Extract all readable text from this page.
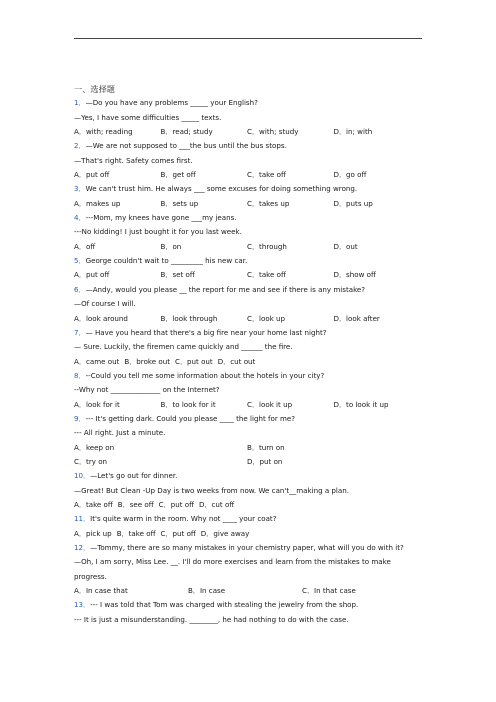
一、选择题
1．—Do you have any problems _____ your English?
—Yes, I have some difficulties _____ texts.
A．with; reading	B．read; study	C．with; study	D．in; with
2．—We are not supposed to ___the bus until the bus stops.
—That's right. Safety comes first.
A．put off	B．get off	C．take off	D．go off
3．We can't trust him. He always ___ some excuses for doing something wrong.
A．makes up	B．sets up	C．takes up	D．puts up
4．---Mom, my knees have gone ___my jeans.
---No kidding! I just bought it for you last week.
A．off	B．on	C．through	D．out
5．George couldn't wait to _________ his new car.
A．put off	B．set off	C．take off	D．show off
6．—Andy, would you please __ the report for me and see if there is any mistake?
—Of course I will.
A．look around	B．look through	C．look up	D．look after
7．— Have you heard that there's a big fire near your home last night?
— Sure. Luckily, the firemen came quickly and ______ the fire.
A．came out B．broke out C．put out D．cut out
8．--Could you tell me some information about the hotels in your city?
--Why not ______________ on the Internet?
A．look for it	B．to look for it	C．look it up	D．to look it up
9．--- It's getting dark. Could you please ____ the light for me?
--- All right. Just a minute.
A．keep on	B．turn on
C．try on	D．put on
10．—Let's go out for dinner.
—Great! But Clean -Up Day is two weeks from now. We can't__making a plan.
A．take off B．see off C．put off D．cut off
11．It's quite warm in the room. Why not ____ your coat?
A．pick up B．take off C．put off D．give away
12．—Tommy, there are so many mistakes in your chemistry paper, what will you do with it?
—Oh, I am sorry, Miss Lee. __. I'll do more exercises and learn from the mistakes to make progress.
A．In case that	B．In case	C．In that case
13．--- I was told that Tom was charged with stealing the jewelry from the shop.
--- It is just a misunderstanding. ________, he had nothing to do with the case.
